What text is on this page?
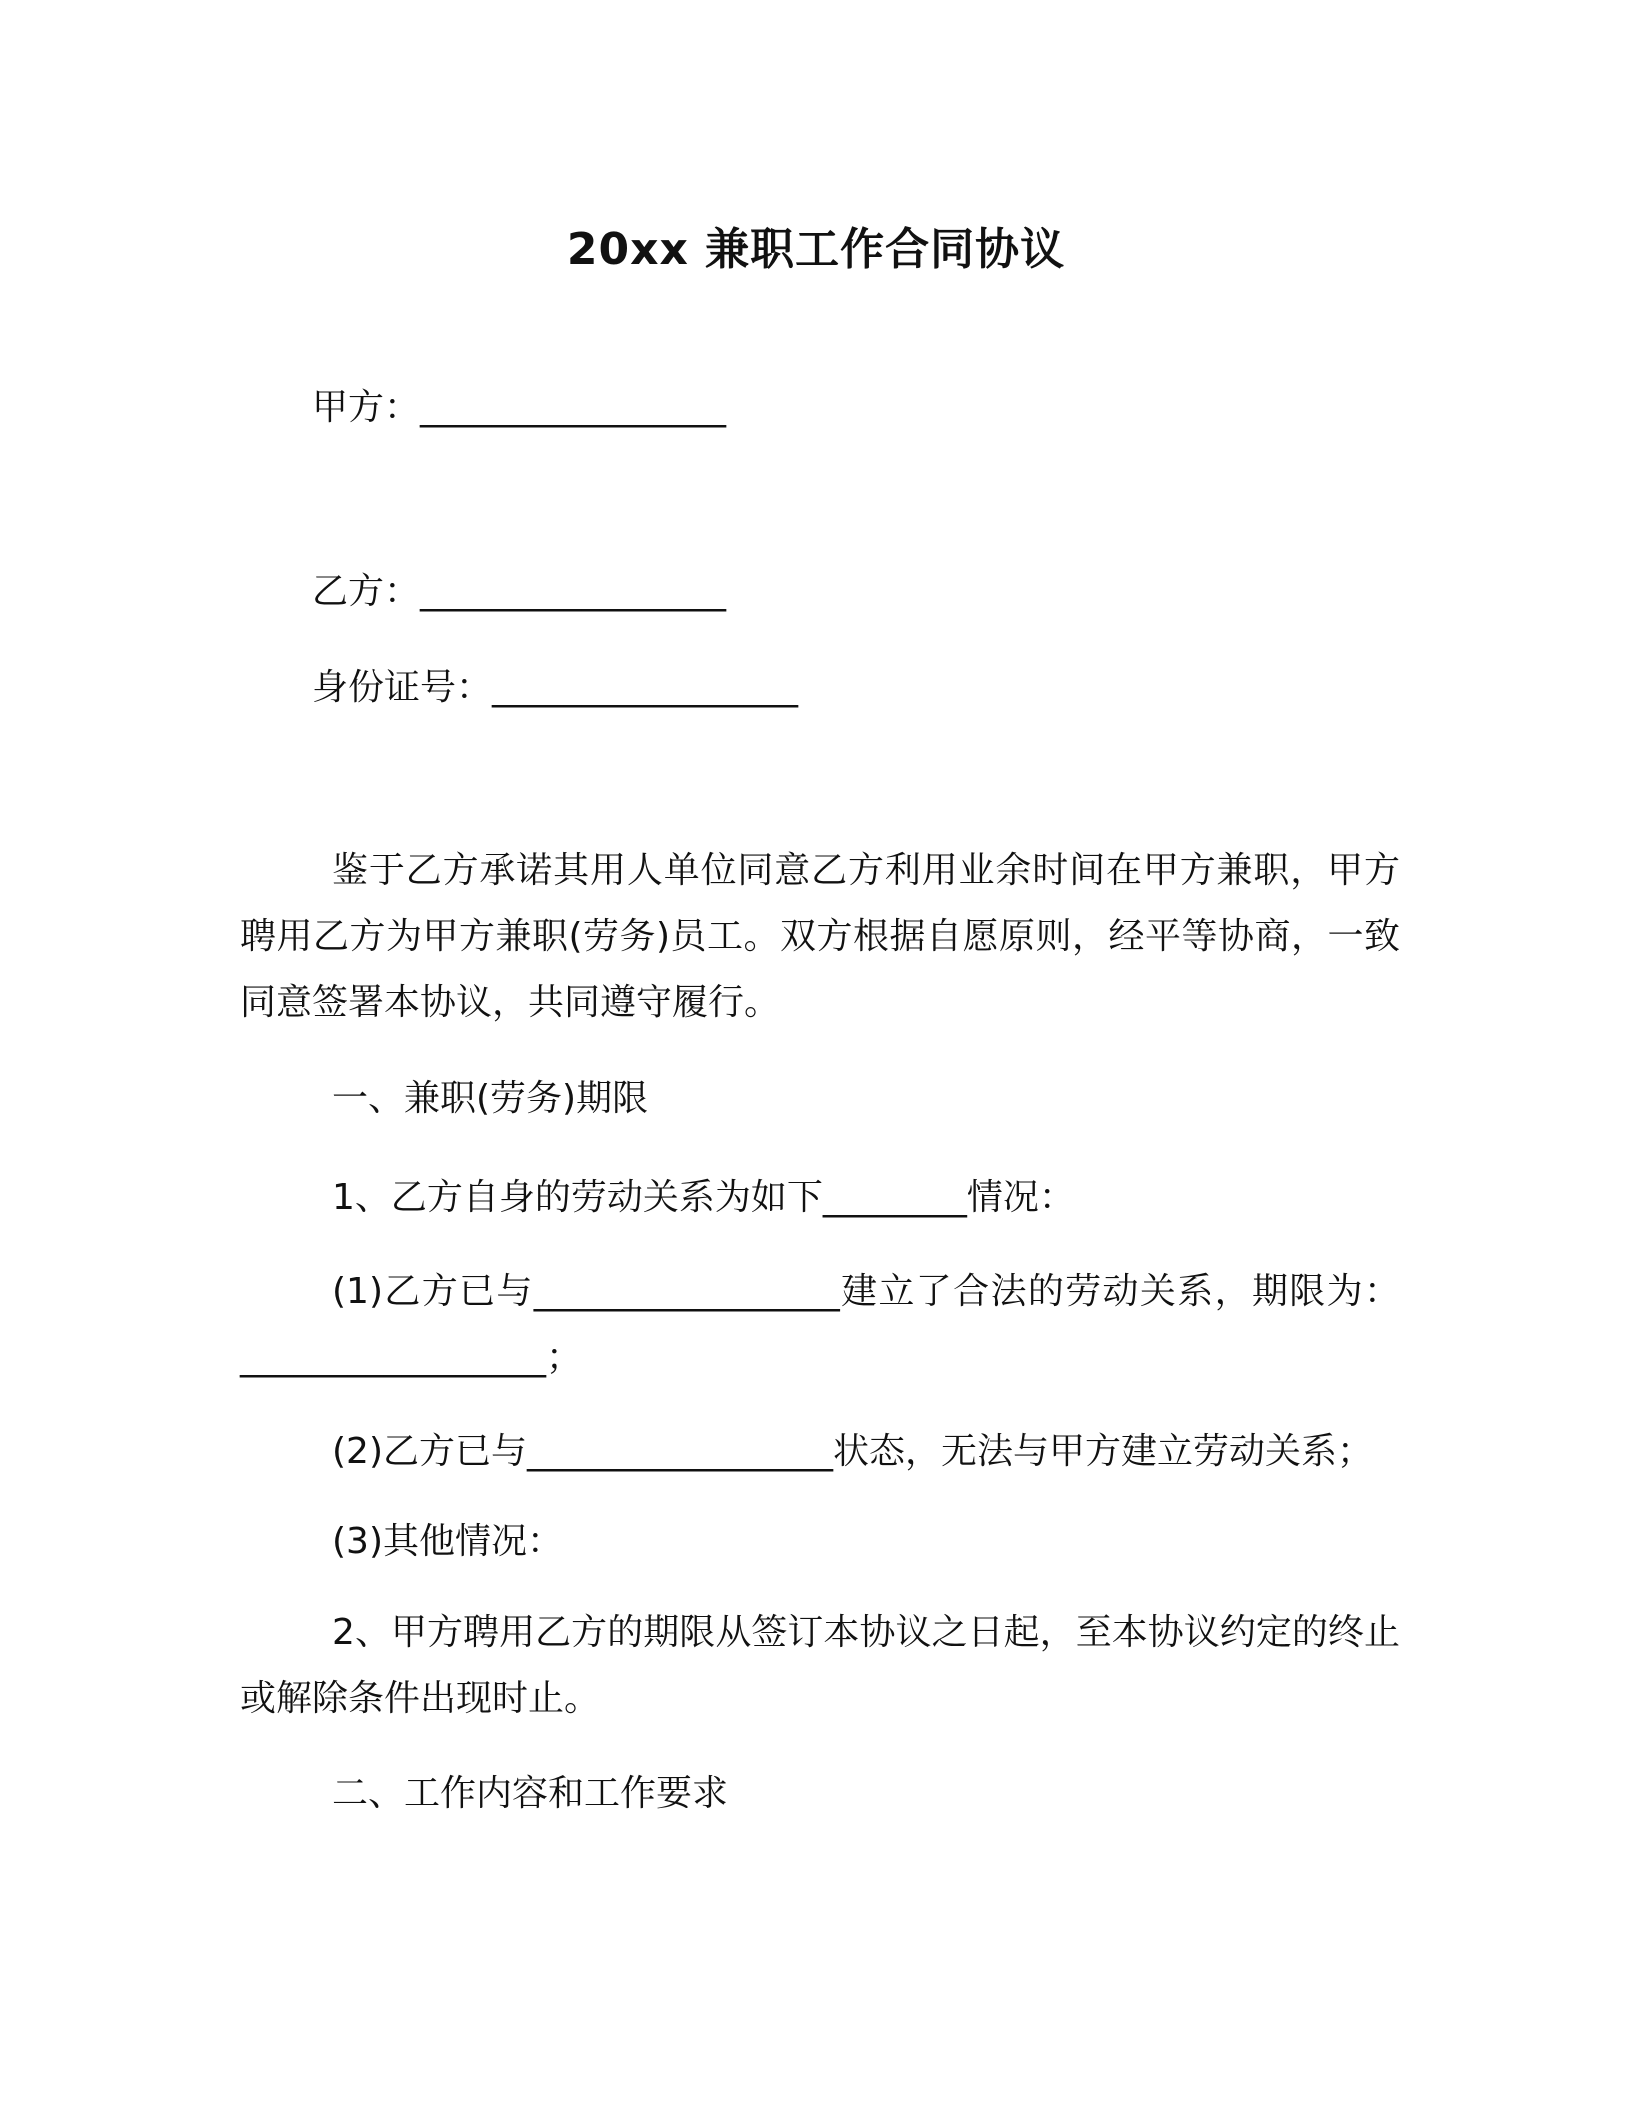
20xx 兼职工作合同协议
甲方：_________________
乙方：_________________
身份证号：_________________
鉴于乙方承诺其用人单位同意乙方利用业余时间在甲方兼职，甲方聘用乙方为甲方兼职(劳务)员工。双方根据自愿原则，经平等协商，一致同意签署本协议，共同遵守履行。
一、兼职(劳务)期限
1、乙方自身的劳动关系为如下________情况：
(1)乙方已与_________________建立了合法的劳动关系，期限为：_________________；
(2)乙方已与_________________状态，无法与甲方建立劳动关系；
(3)其他情况：
2、甲方聘用乙方的期限从签订本协议之日起，至本协议约定的终止或解除条件出现时止。
二、工作内容和工作要求
